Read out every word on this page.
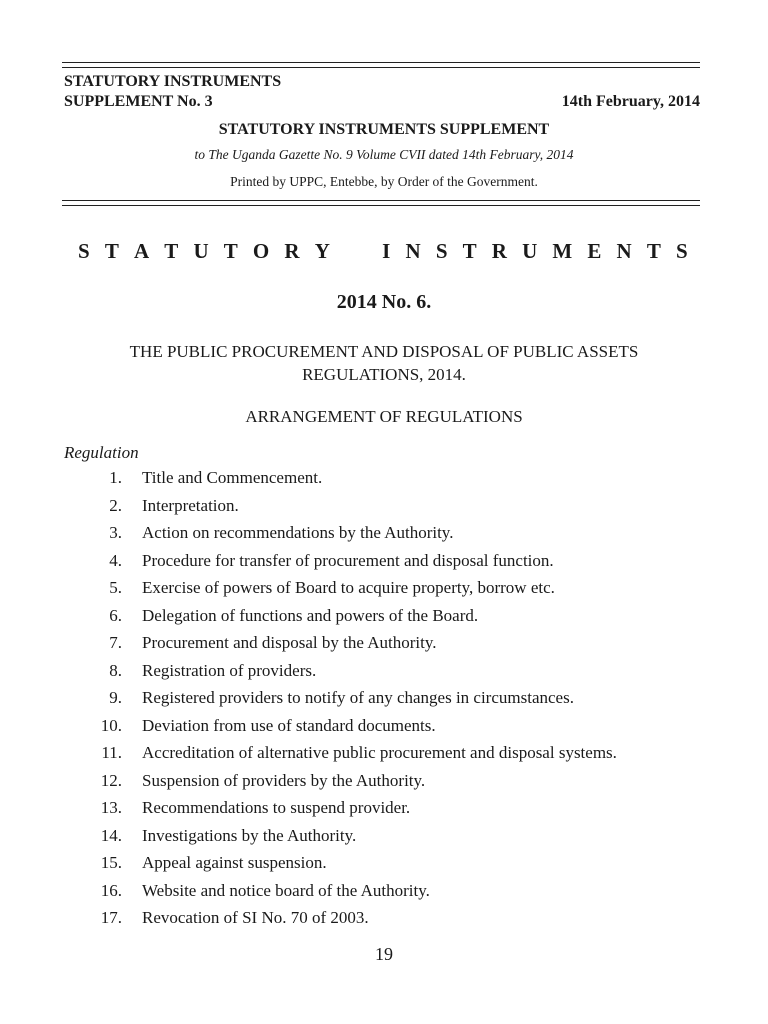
STATUTORY INSTRUMENTS
SUPPLEMENT No. 3	14th February, 2014
STATUTORY INSTRUMENTS SUPPLEMENT
to The Uganda Gazette No. 9 Volume CVII dated 14th February, 2014
Printed by UPPC, Entebbe, by Order of the Government.
S T A T U T O R Y I N S T R U M E N T S
2014 No. 6.
THE PUBLIC PROCUREMENT AND DISPOSAL OF PUBLIC ASSETS
REGULATIONS, 2014.
ARRANGEMENT OF REGULATIONS
Regulation
1.	Title and Commencement.
2.	Interpretation.
3.	Action on recommendations by the Authority.
4.	Procedure for transfer of procurement and disposal function.
5.	Exercise of powers of Board to acquire property, borrow etc.
6.	Delegation of functions and powers of the Board.
7.	Procurement and disposal by the Authority.
8.	Registration of providers.
9.	Registered providers to notify of any changes in circumstances.
10.	Deviation from use of standard documents.
11.	Accreditation of alternative public procurement and disposal systems.
12.	Suspension of providers by the Authority.
13.	Recommendations to suspend provider.
14.	Investigations by the Authority.
15.	Appeal against suspension.
16.	Website and notice board of the Authority.
17.	Revocation of SI No. 70 of 2003.
19
